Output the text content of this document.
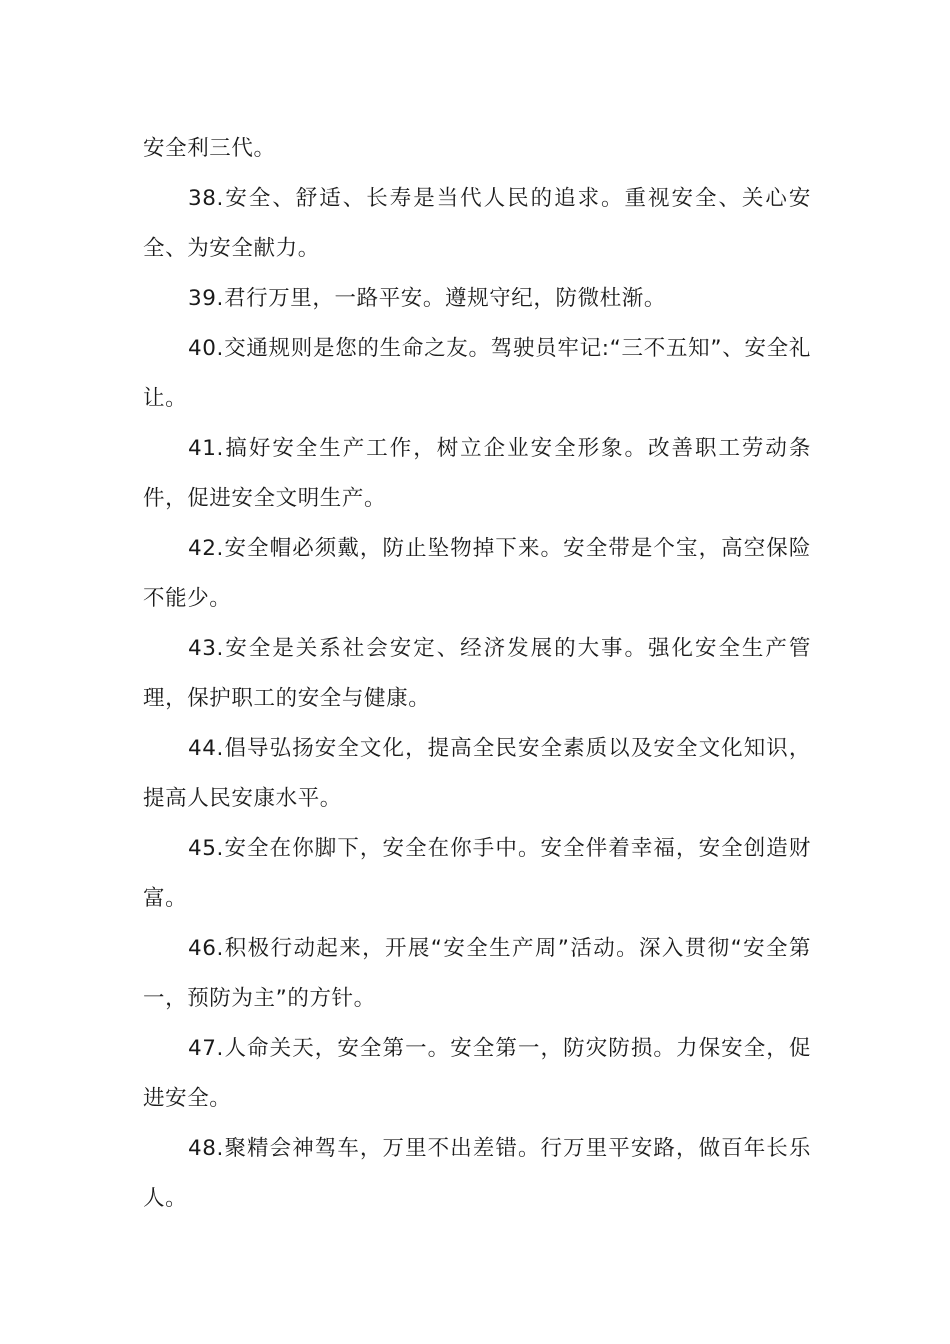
安全利三代。

38.安全、舒适、长寿是当代人民的追求。重视安全、关心安全、为安全献力。

39.君行万里，一路平安。遵规守纪，防微杜渐。

40.交通规则是您的生命之友。驾驶员牢记:“三不五知”、安全礼让。

41.搞好安全生产工作，树立企业安全形象。改善职工劳动条件，促进安全文明生产。

42.安全帽必须戴，防止坠物掉下来。安全带是个宝，高空保险不能少。

43.安全是关系社会安定、经济发展的大事。强化安全生产管理，保护职工的安全与健康。

44.倡导弘扬安全文化，提高全民安全素质以及安全文化知识，提高人民安康水平。

45.安全在你脚下，安全在你手中。安全伴着幸福，安全创造财富。

46.积极行动起来，开展“安全生产周”活动。深入贯彻“安全第一，预防为主”的方针。

47.人命关天，安全第一。安全第一，防灾防损。力保安全，促进安全。

48.聚精会神驾车，万里不出差错。行万里平安路，做百年长乐人。
